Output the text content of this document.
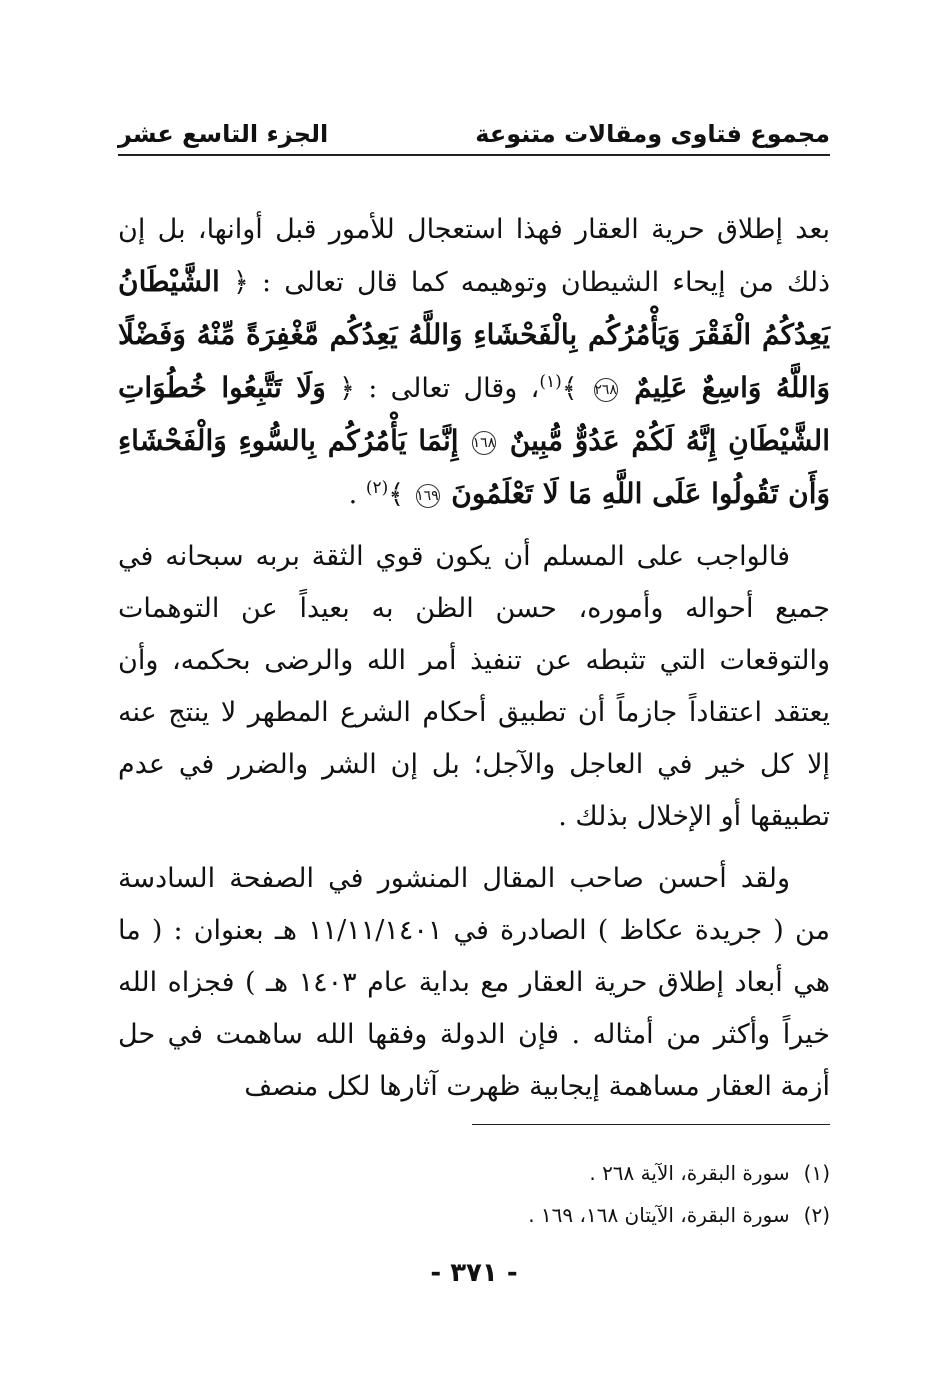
مجموع فتاوى ومقالات متنوعة
الجزء التاسع عشر

بعد إطلاق حرية العقار فهذا استعجال للأمور قبل أوانها، بل إن ذلك من إيحاء الشيطان وتوهيمه كما قال تعالى : ﴿ الشَّيْطَانُ يَعِدُكُمُ الْفَقْرَ وَيَأْمُرُكُم بِالْفَحْشَاءِ وَاللَّهُ يَعِدُكُم مَّغْفِرَةً مِّنْهُ وَفَضْلًا وَاللَّهُ وَاسِعٌ عَلِيمٌ ٢٦٨ ﴾$^{(١)}$، وقال تعالى : ﴿ وَلَا تَتَّبِعُوا خُطُوَاتِ الشَّيْطَانِ إِنَّهُ لَكُمْ عَدُوٌّ مُّبِينٌ ١٦٨ إِنَّمَا يَأْمُرُكُم بِالسُّوءِ وَالْفَحْشَاءِ وَأَن تَقُولُوا عَلَى اللَّهِ مَا لَا تَعْلَمُونَ ١٦٩ ﴾$^{(٢)}$ .

فالواجب على المسلم أن يكون قوي الثقة بربه سبحانه في جميع أحواله وأموره، حسن الظن به بعيداً عن التوهمات والتوقعات التي تثبطه عن تنفيذ أمر الله والرضى بحكمه، وأن يعتقد اعتقاداً جازماً أن تطبيق أحكام الشرع المطهر لا ينتج عنه إلا كل خير في العاجل والآجل؛ بل إن الشر والضرر في عدم تطبيقها أو الإخلال بذلك .

ولقد أحسن صاحب المقال المنشور في الصفحة السادسة من ( جريدة عكاظ ) الصادرة في ١١/١١/١٤٠١ هـ بعنوان : ( ما هي أبعاد إطلاق حرية العقار مع بداية عام ١٤٠٣ هـ ) فجزاه الله خيراً وأكثر من أمثاله . فإن الدولة وفقها الله ساهمت في حل أزمة العقار مساهمة إيجابية ظهرت آثارها لكل منصف

(١)
سورة البقرة، الآية ٢٦٨ .
(٢)
سورة البقرة، الآيتان ١٦٨، ١٦٩ .
- ٣٧١ -
